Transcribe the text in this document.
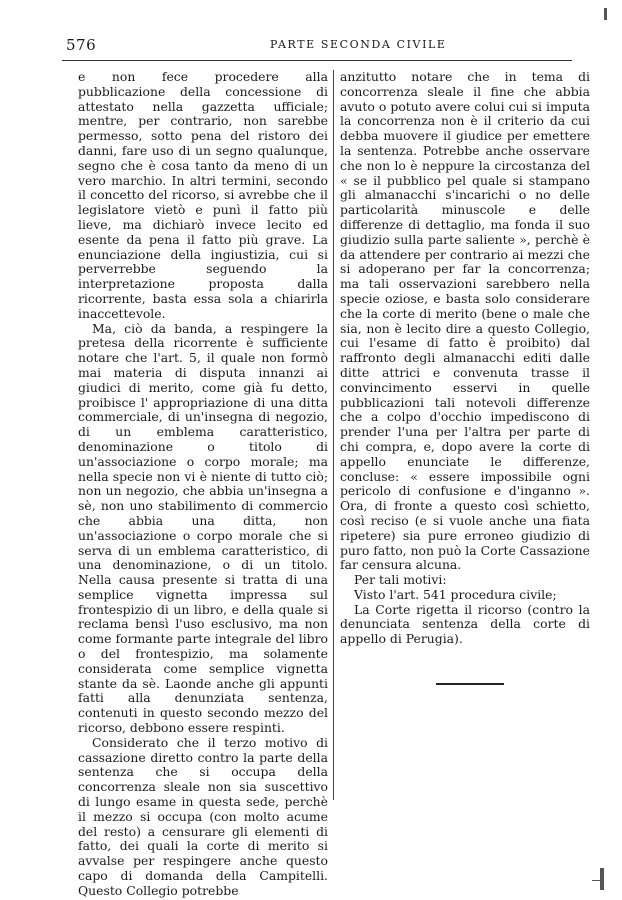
576	PARTE SECONDA CIVILE

e non fece procedere alla pubblicazione della concessione di attestato nella gazzetta ufficiale; mentre, per contrario, non sarebbe permesso, sotto pena del ristoro dei danni, fare uso di un segno qualunque, segno che è cosa tanto da meno di un vero marchio. In altri termini, secondo il concetto del ricorso, si avrebbe che il legislatore vietò e punì il fatto più lieve, ma dichiarò invece lecito ed esente da pena il fatto più grave. La enunciazione della ingiustizia, cui si perverrebbe seguendo la interpretazione proposta dalla ricorrente, basta essa sola a chiarirla inaccettevole.

Ma, ciò da banda, a respingere la pretesa della ricorrente è sufficiente notare che l'art. 5, il quale non formò mai materia di disputa innanzi ai giudici di merito, come già fu detto, proibisce l' appropriazione di una ditta commerciale, di un'insegna di negozio, di un emblema caratteristico, denominazione o titolo di un'associazione o corpo morale; ma nella specie non vi è niente di tutto ciò; non un negozio, che abbia un'insegna a sè, non uno stabilimento di commercio che abbia una ditta, non un'associazione o corpo morale che si serva di un emblema caratteristico, di una denominazione, o di un titolo. Nella causa presente si tratta di una semplice vignetta impressa sul frontespizio di un libro, e della quale si reclama bensì l'uso esclusivo, ma non come formante parte integrale del libro o del frontespizio, ma solamente considerata come semplice vignetta stante da sè. Laonde anche gli appunti fatti alla denunziata sentenza, contenuti in questo secondo mezzo del ricorso, debbono essere respinti.

Considerato che il terzo motivo di cassazione diretto contro la parte della sentenza che si occupa della concorrenza sleale non sia suscettivo di lungo esame in questa sede, perchè il mezzo si occupa (con molto acume del resto) a censurare gli elementi di fatto, dei quali la corte di merito si avvalse per respingere anche questo capo di domanda della Campitelli. Questo Collegio potrebbe

anzitutto notare che in tema di concorrenza sleale il fine che abbia avuto o potuto avere colui cui si imputa la concorrenza non è il criterio da cui debba muovere il giudice per emettere la sentenza. Potrebbe anche osservare che non lo è neppure la circostanza del « se il pubblico pel quale si stampano gli almanacchi s'incarichi o no delle particolarità minuscole e delle differenze di dettaglio, ma fonda il suo giudizio sulla parte saliente », perchè è da attendere per contrario ai mezzi che si adoperano per far la concorrenza; ma tali osservazioni sarebbero nella specie oziose, e basta solo considerare che la corte di merito (bene o male che sia, non è lecito dire a questo Collegio, cui l'esame di fatto è proibito) dal raffronto degli almanacchi editi dalle ditte attrici e convenuta trasse il convincimento esservi in quelle pubblicazioni tali notevoli differenze che a colpo d'occhio impediscono di prender l'una per l'altra per parte di chi compra, e, dopo avere la corte di appello enunciate le differenze, concluse: « essere impossibile ogni pericolo di confusione e d'inganno ». Ora, di fronte a questo così schietto, così reciso (e si vuole anche una fiata ripetere) sia pure erroneo giudizio di puro fatto, non può la Corte Cassazione far censura alcuna.

Per tali motivi:

Visto l'art. 541 procedura civile;

La Corte rigetta il ricorso (contro la denunciata sentenza della corte di appello di Perugia).
